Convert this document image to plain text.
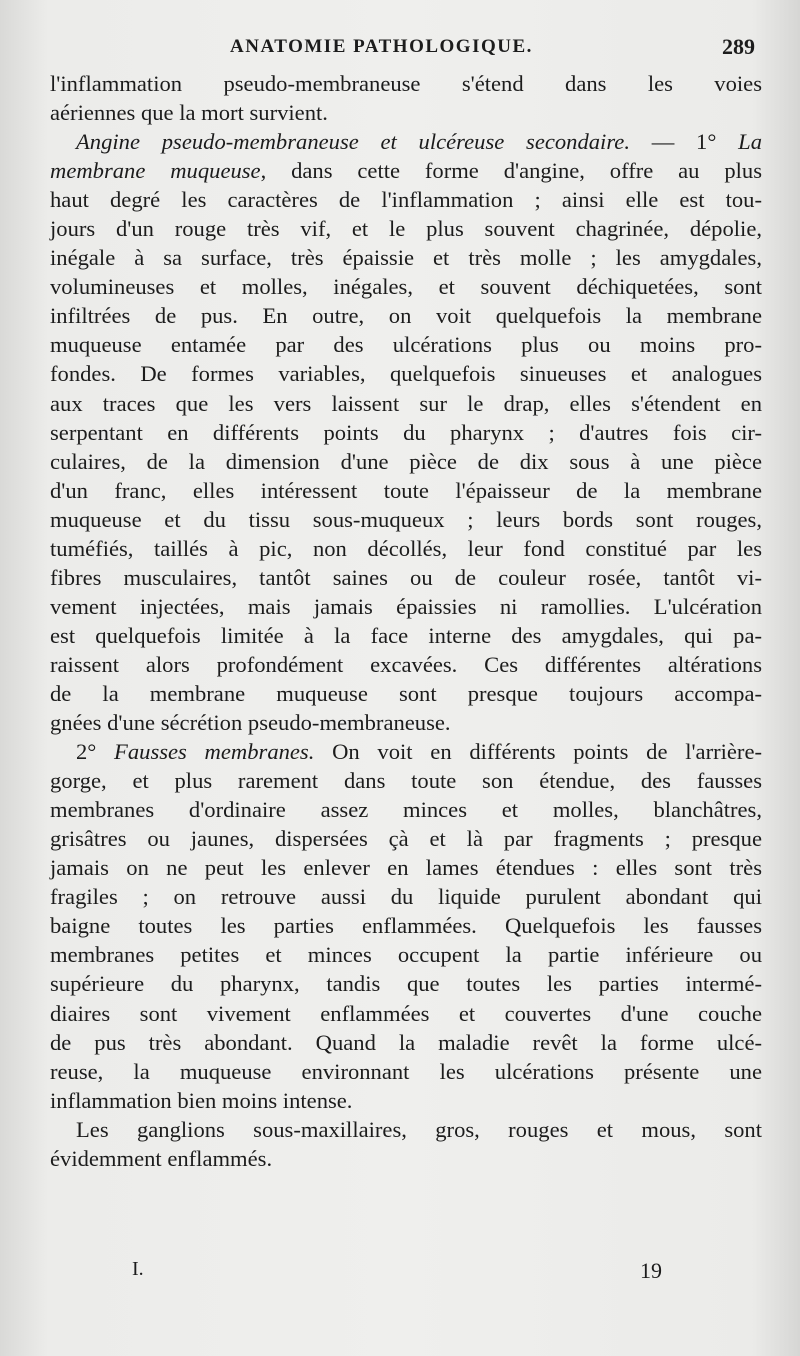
ANATOMIE PATHOLOGIQUE.	289
l'inflammation pseudo-membraneuse s'étend dans les voies
aériennes que la mort survient.
Angine pseudo-membraneuse et ulcéreuse secondaire. — 1° La
membrane muqueuse, dans cette forme d'angine, offre au plus
haut degré les caractères de l'inflammation ; ainsi elle est tou-
jours d'un rouge très vif, et le plus souvent chagrinée, dépolie,
inégale à sa surface, très épaissie et très molle ; les amygdales,
volumineuses et molles, inégales, et souvent déchiquetées, sont
infiltrées de pus. En outre, on voit quelquefois la membrane
muqueuse entamée par des ulcérations plus ou moins pro-
fondes. De formes variables, quelquefois sinueuses et analogues
aux traces que les vers laissent sur le drap, elles s'étendent en
serpentant en différents points du pharynx ; d'autres fois cir-
culaires, de la dimension d'une pièce de dix sous à une pièce
d'un franc, elles intéressent toute l'épaisseur de la membrane
muqueuse et du tissu sous-muqueux ; leurs bords sont rouges,
tuméfiés, taillés à pic, non décollés, leur fond constitué par les
fibres musculaires, tantôt saines ou de couleur rosée, tantôt vi-
vement injectées, mais jamais épaissies ni ramollies. L'ulcération
est quelquefois limitée à la face interne des amygdales, qui pa-
raissent alors profondément excavées. Ces différentes altérations
de la membrane muqueuse sont presque toujours accompa-
gnées d'une sécrétion pseudo-membraneuse.
2° Fausses membranes. On voit en différents points de l'arrière-
gorge, et plus rarement dans toute son étendue, des fausses
membranes d'ordinaire assez minces et molles, blanchâtres,
grisâtres ou jaunes, dispersées çà et là par fragments ; presque
jamais on ne peut les enlever en lames étendues : elles sont très
fragiles ; on retrouve aussi du liquide purulent abondant qui
baigne toutes les parties enflammées. Quelquefois les fausses
membranes petites et minces occupent la partie inférieure ou
supérieure du pharynx, tandis que toutes les parties intermé-
diaires sont vivement enflammées et couvertes d'une couche
de pus très abondant. Quand la maladie revêt la forme ulcé-
reuse, la muqueuse environnant les ulcérations présente une
inflammation bien moins intense.
Les ganglions sous-maxillaires, gros, rouges et mous, sont
évidemment enflammés.
I.	19
